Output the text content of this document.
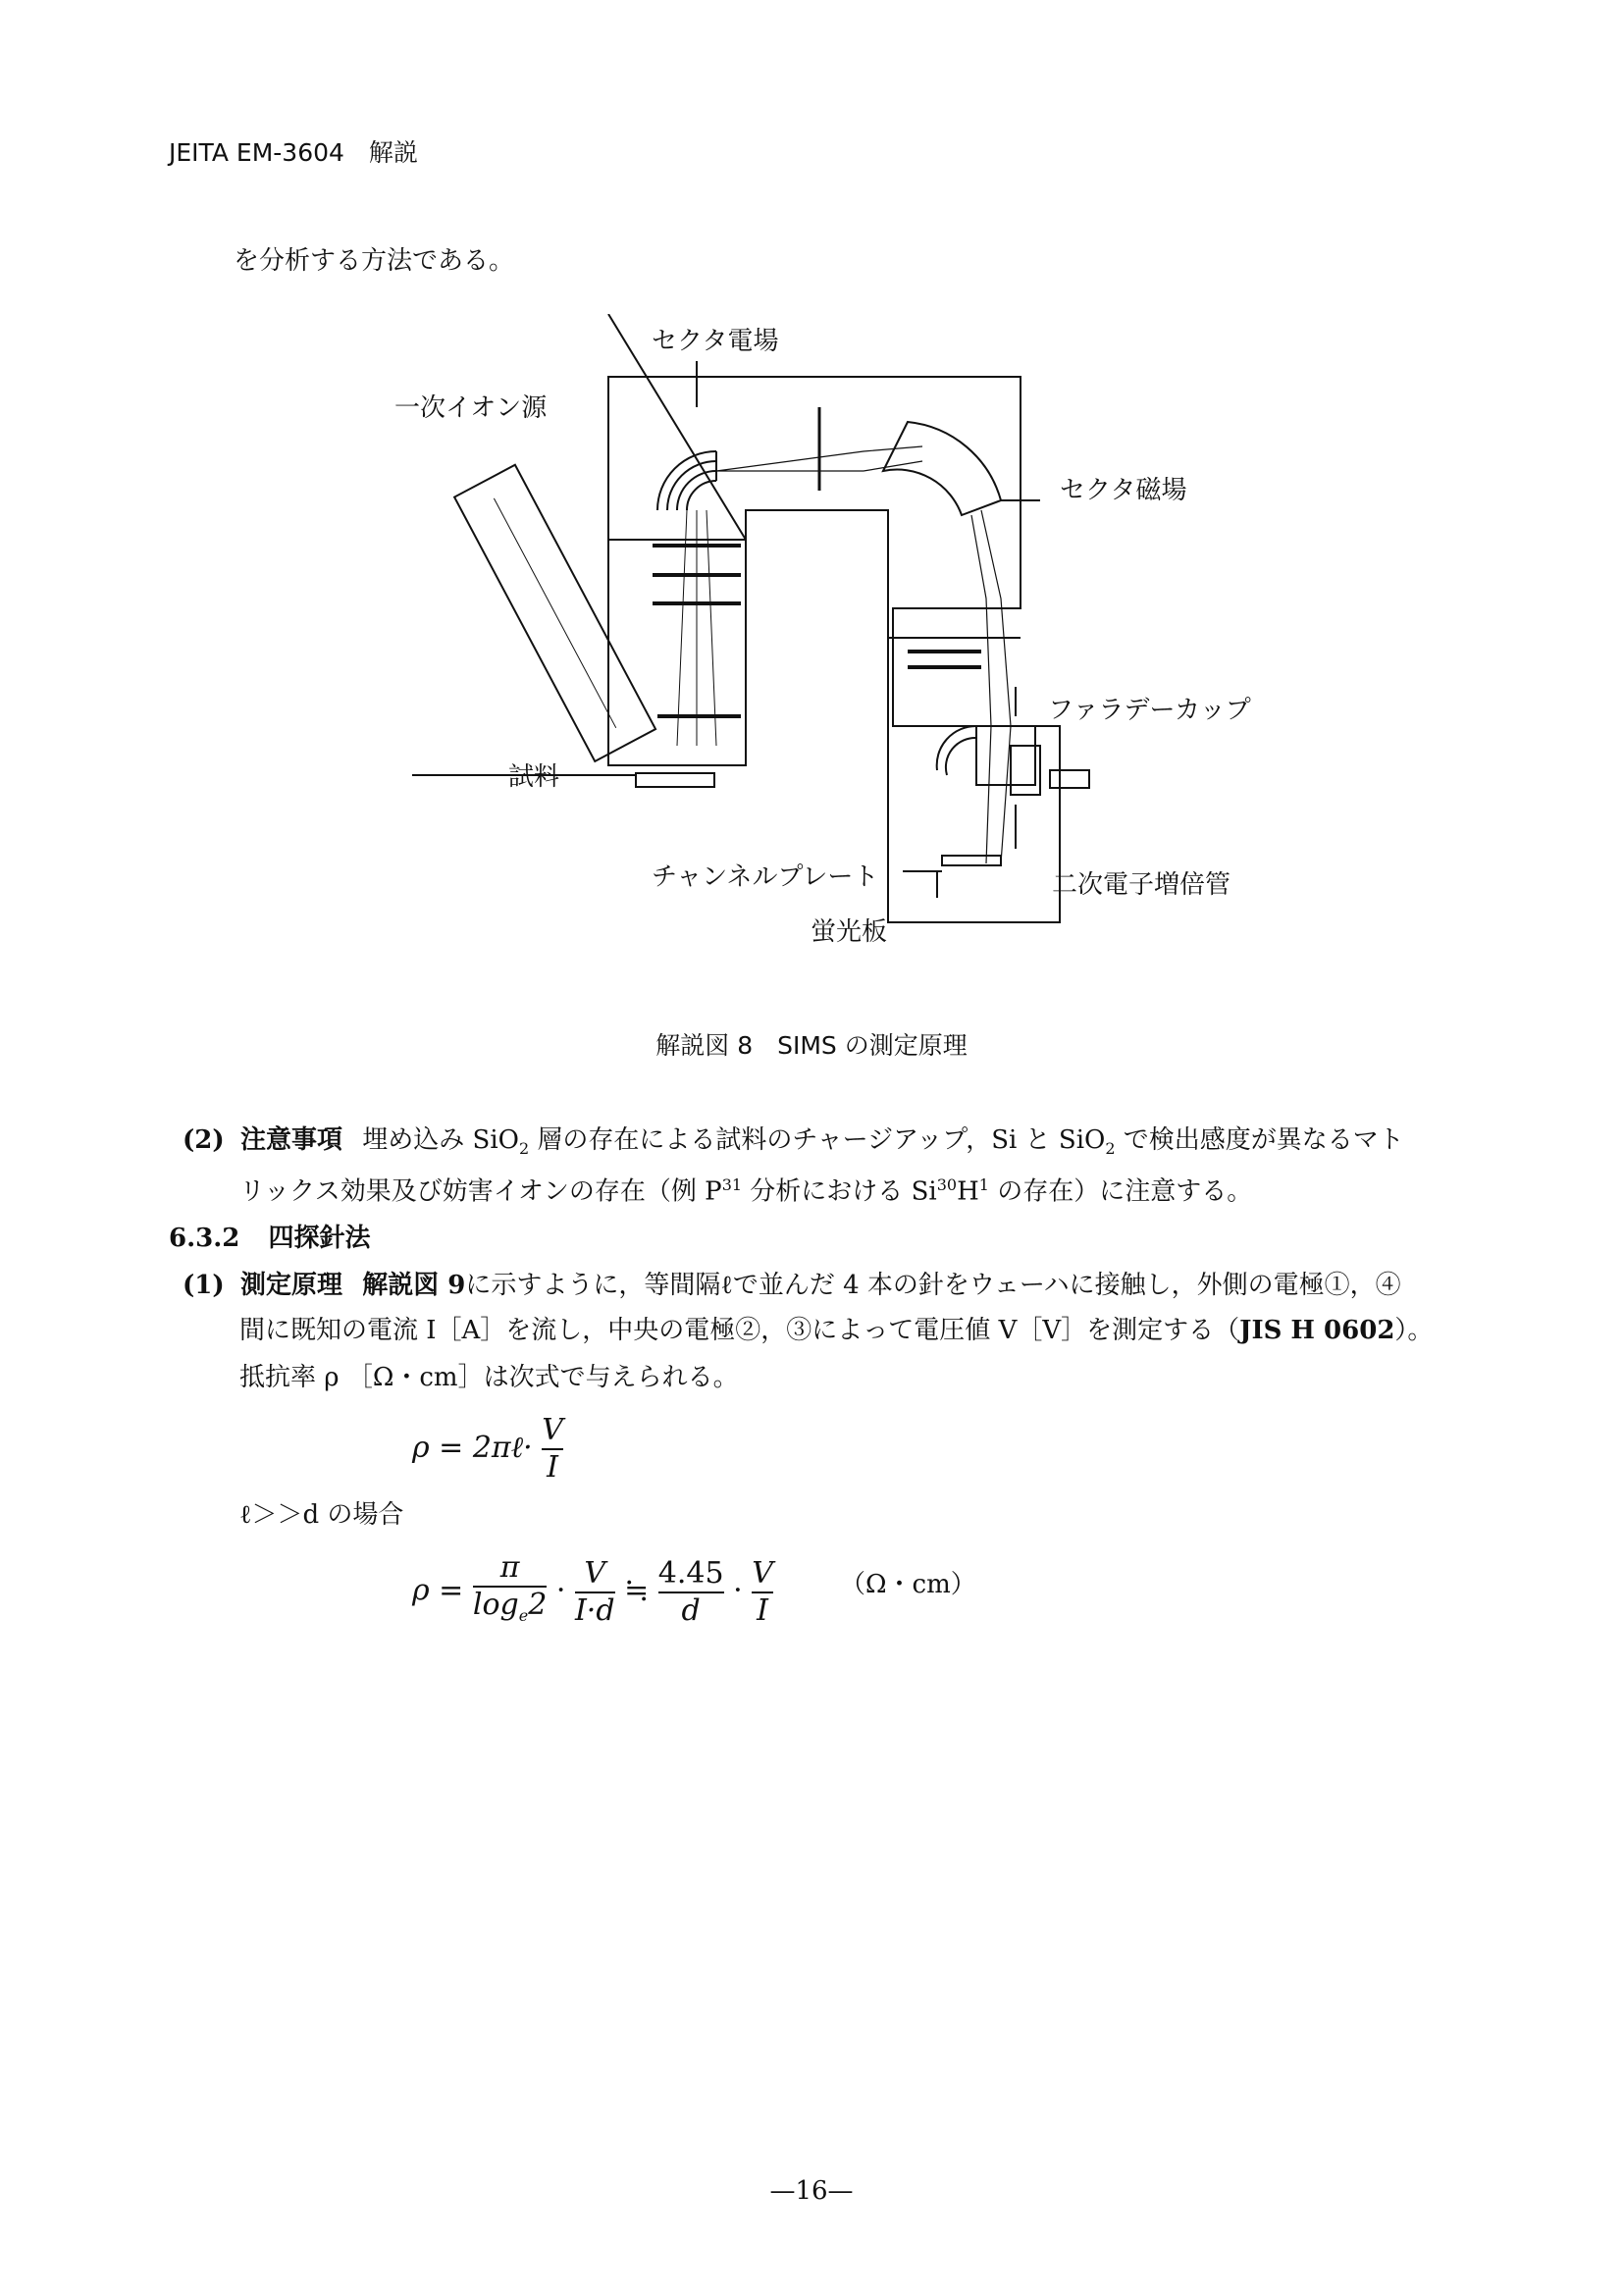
JEITA EM-3604　解説
を分析する方法である。
セクタ電場
一次イオン源
セクタ磁場
ファラデーカップ
試料
チャンネルプレート	二次電子増倍管
蛍光板
解説図 8　SIMS の測定原理
(2) 注意事項 埋め込み SiO$_2$ 層の存在による試料のチャージアップ，Si と SiO$_2$ で検出感度が異なるマト
リックス効果及び妨害イオンの存在（例 $P^{31}$ 分析における $Si^{30}H^1$ の存在）に注意する。
6.3.2 四探針法
(1) 測定原理 解説図 9に示すように，等間隔ℓで並んだ 4 本の針をウェーハに接触し，外側の電極①，④
間に既知の電流 I［A］を流し，中央の電極②，③によって電圧値 V［V］を測定する（JIS H 0602）。
抵抗率 ρ ［Ω・cm］は次式で与えられる。
ρ = 2πℓ· $\frac{V}{I}$
ℓ＞＞d の場合
$\rho = \frac{\pi}{\log_e2} \cdot \frac{V}{I\cdot d}$ ≒ $\frac{4.45}{d} \cdot \frac{V}{I}$	（Ω・cm）
—16—
